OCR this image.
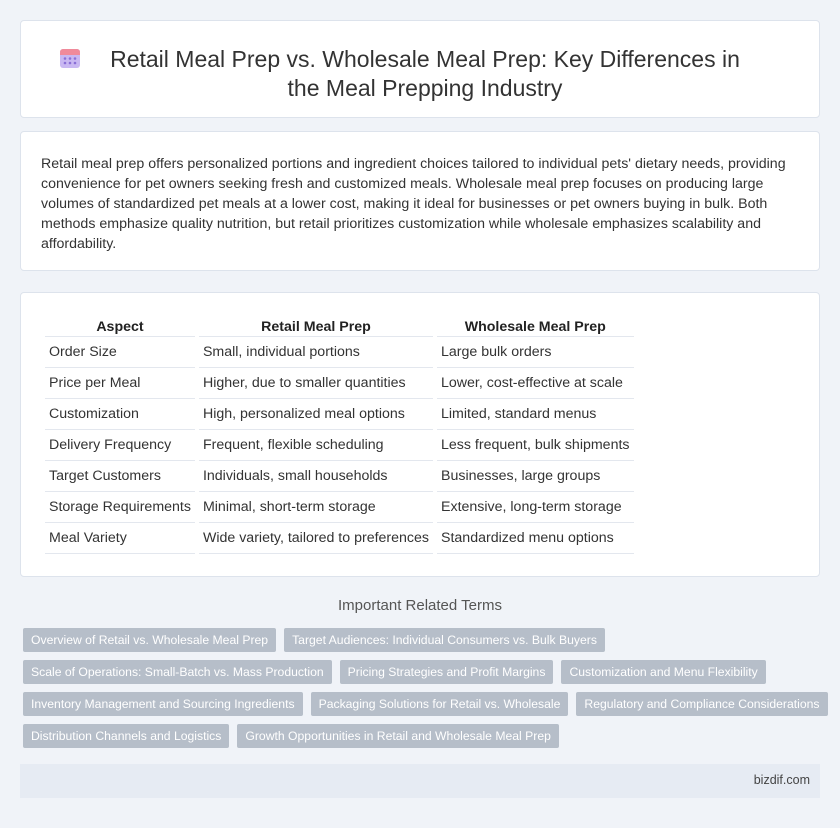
Retail Meal Prep vs. Wholesale Meal Prep: Key Differences in the Meal Prepping Industry

Retail meal prep offers personalized portions and ingredient choices tailored to individual pets' dietary needs, providing convenience for pet owners seeking fresh and customized meals. Wholesale meal prep focuses on producing large volumes of standardized pet meals at a lower cost, making it ideal for businesses or pet owners buying in bulk. Both methods emphasize quality nutrition, but retail prioritizes customization while wholesale emphasizes scalability and affordability.

Aspect	Retail Meal Prep	Wholesale Meal Prep
Order Size	Small, individual portions	Large bulk orders
Price per Meal	Higher, due to smaller quantities	Lower, cost-effective at scale
Customization	High, personalized meal options	Limited, standard menus
Delivery Frequency	Frequent, flexible scheduling	Less frequent, bulk shipments
Target Customers	Individuals, small households	Businesses, large groups
Storage Requirements	Minimal, short-term storage	Extensive, long-term storage
Meal Variety	Wide variety, tailored to preferences	Standardized menu options
Important Related Terms
Overview of Retail vs. Wholesale Meal Prep	Target Audiences: Individual Consumers vs. Bulk Buyers
Scale of Operations: Small-Batch vs. Mass Production	Pricing Strategies and Profit Margins	Customization and Menu Flexibility
Inventory Management and Sourcing Ingredients	Packaging Solutions for Retail vs. Wholesale	Regulatory and Compliance Considerations
Distribution Channels and Logistics	Growth Opportunities in Retail and Wholesale Meal Prep
bizdif.com
